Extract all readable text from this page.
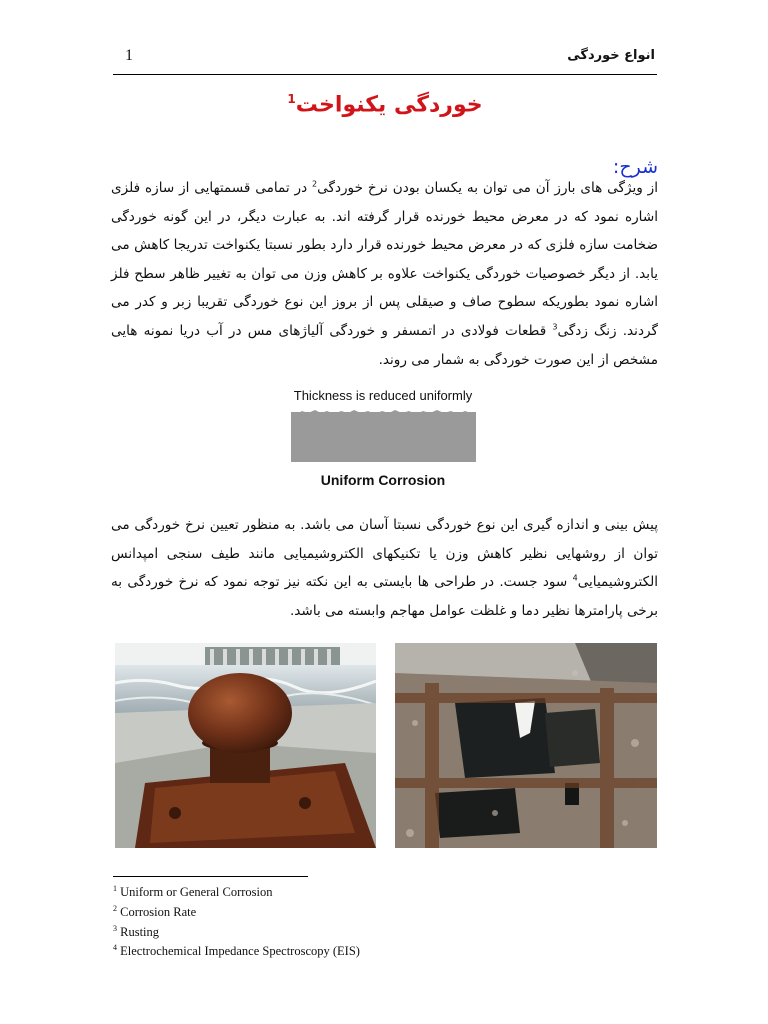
1	انواع خوردگی
خوردگی یکنواخت$^1$
شرح:
از ویژگی های بارز آن می توان به یکسان بودن نرخ خوردگی$^2$ در تمامی قسمتهایی از سازه فلزی اشاره نمود که در معرض محیط خورنده قرار گرفته اند. به عبارت دیگر، در این گونه خوردگی ضخامت سازه فلزی که در معرض محیط خورنده قرار دارد بطور نسبتا یکنواخت تدریجا کاهش می یابد. از دیگر خصوصیات خوردگی یکنواخت علاوه بر کاهش وزن می توان به تغییر ظاهر سطح فلز اشاره نمود بطوریکه سطوح صاف و صیقلی پس از بروز این نوع خوردگی تقریبا زبر و کدر می گردند. زنگ زدگی$^3$ قطعات فولادی در اتمسفر و خوردگی آلیاژهای مس در آب دریا نمونه هایی مشخص از این صورت خوردگی به شمار می روند.
Thickness is reduced uniformly
Uniform Corrosion
پیش بینی و اندازه گیری این نوع خوردگی نسبتا آسان می باشد. به منظور تعیین نرخ خوردگی می توان از روشهایی نظیر کاهش وزن یا تکنیکهای الکتروشیمیایی مانند طیف سنجی امپدانس الکتروشیمیایی$^4$ سود جست. در طراحی ها بایستی به این نکته نیز توجه نمود که نرخ خوردگی به برخی پارامترها نظیر دما و غلظت عوامل مهاجم وابسته می باشد.
$^1$ Uniform or General Corrosion
$^2$ Corrosion Rate
$^3$ Rusting
$^4$ Electrochemical Impedance Spectroscopy (EIS)
